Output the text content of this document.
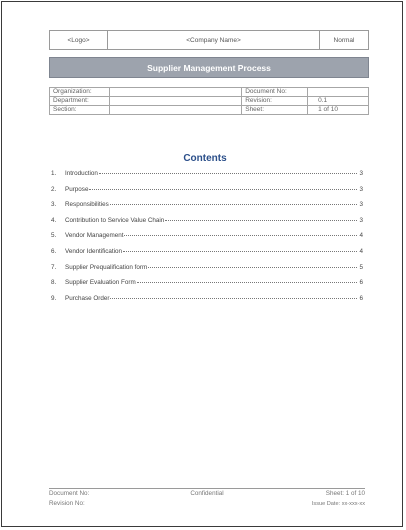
<Logo>	<Company Name>	Normal
Supplier Management Process
Organization:		Document No:	
Department:		Revision:	0.1
Section:		Sheet:	1 of 10
Contents
1.	Introduction	3
2.	Purpose	3
3.	Responsibilities	3
4.	Contribution to Service Value Chain	3
5.	Vendor Management	4
6.	Vendor Identification	4
7.	Supplier Prequalification form	5
8.	Supplier Evaluation Form	6
9.	Purchase Order	6
Document No:	Confidential	Sheet: 1 of 10
Revision No:	Issue Date: xx-xxx-xx
